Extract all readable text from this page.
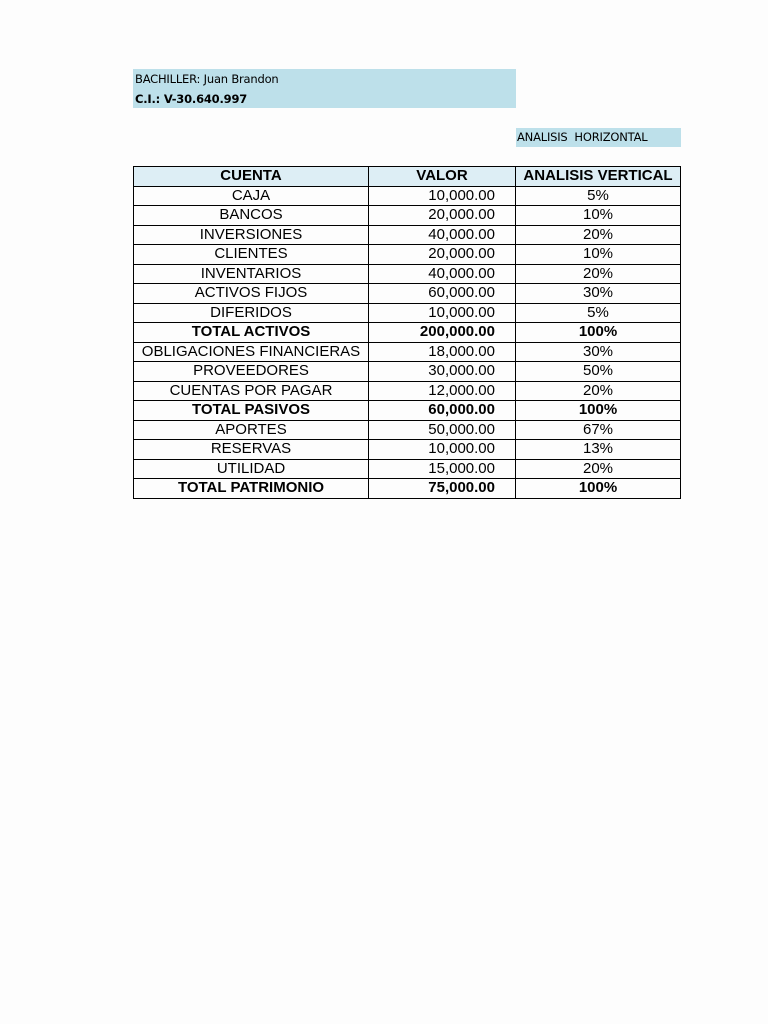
BACHILLER: Juan Brandon
C.I.: V-30.640.997
ANALISIS  HORIZONTAL
CUENTA	VALOR	ANALISIS VERTICAL
CAJA	10,000.00	5%
BANCOS	20,000.00	10%
INVERSIONES	40,000.00	20%
CLIENTES	20,000.00	10%
INVENTARIOS	40,000.00	20%
ACTIVOS FIJOS	60,000.00	30%
DIFERIDOS	10,000.00	5%
TOTAL ACTIVOS	200,000.00	100%
OBLIGACIONES FINANCIERAS	18,000.00	30%
PROVEEDORES	30,000.00	50%
CUENTAS POR PAGAR	12,000.00	20%
TOTAL PASIVOS	60,000.00	100%
APORTES	50,000.00	67%
RESERVAS	10,000.00	13%
UTILIDAD	15,000.00	20%
TOTAL PATRIMONIO	75,000.00	100%
